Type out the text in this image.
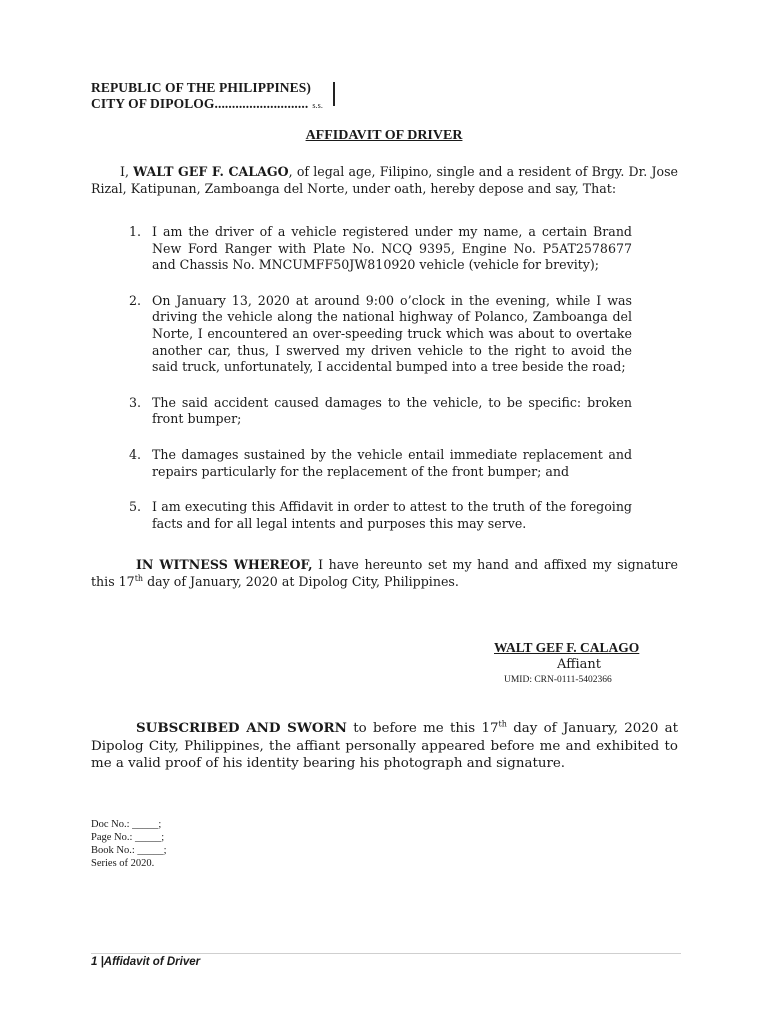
REPUBLIC OF THE PHILIPPINES)
CITY OF DIPOLOG........................... s.s.
AFFIDAVIT OF DRIVER
I, WALT GEF F. CALAGO, of legal age, Filipino, single and a resident of Brgy. Dr. Jose Rizal, Katipunan, Zamboanga del Norte, under oath, hereby depose and say, That:
1. I am the driver of a vehicle registered under my name, a certain Brand New Ford Ranger with Plate No. NCQ 9395, Engine No. P5AT2578677 and Chassis No. MNCUMFF50JW810920 vehicle (vehicle for brevity);
2. On January 13, 2020 at around 9:00 o’clock in the evening, while I was driving the vehicle along the national highway of Polanco, Zamboanga del Norte, I encountered an over-speeding truck which was about to overtake another car, thus, I swerved my driven vehicle to the right to avoid the said truck, unfortunately, I accidental bumped into a tree beside the road;
3. The said accident caused damages to the vehicle, to be specific: broken front bumper;
4. The damages sustained by the vehicle entail immediate replacement and repairs particularly for the replacement of the front bumper; and
5. I am executing this Affidavit in order to attest to the truth of the foregoing facts and for all legal intents and purposes this may serve.
IN WITNESS WHEREOF, I have hereunto set my hand and affixed my signature this 17th day of January, 2020 at Dipolog City, Philippines.
WALT GEF F. CALAGO
Affiant
UMID: CRN-0111-5402366
SUBSCRIBED AND SWORN to before me this 17th day of January, 2020 at Dipolog City, Philippines, the affiant personally appeared before me and exhibited to me a valid proof of his identity bearing his photograph and signature.
Doc No.: _____;
Page No.: _____;
Book No.: _____;
Series of 2020.
1 |Affidavit of Driver
